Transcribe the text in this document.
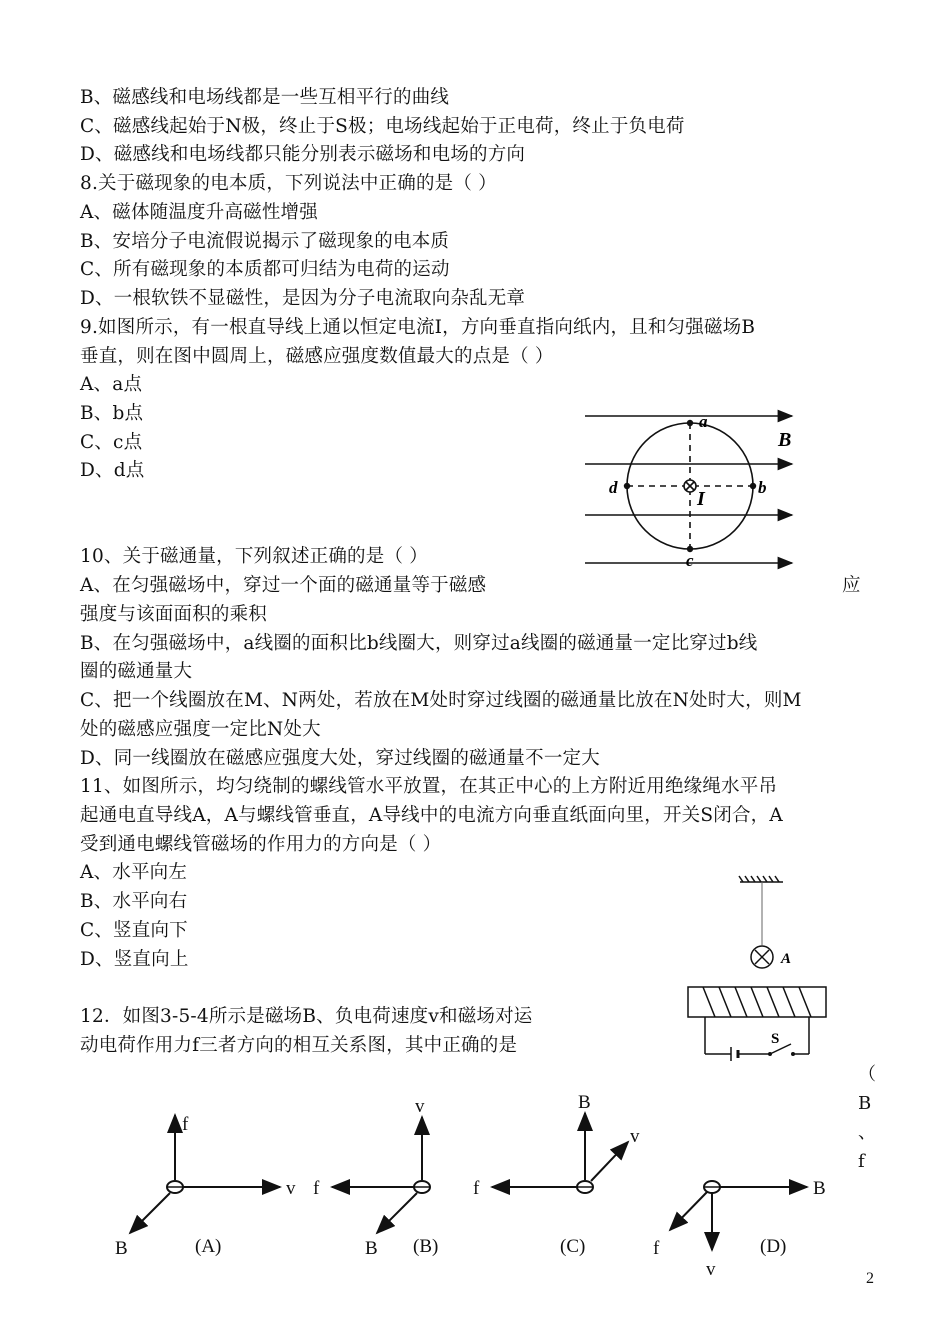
B、磁感线和电场线都是一些互相平行的曲线
C、磁感线起始于N极，终止于S极；电场线起始于正电荷，终止于负电荷
D、磁感线和电场线都只能分别表示磁场和电场的方向
8.关于磁现象的电本质，下列说法中正确的是（ ）
A、磁体随温度升高磁性增强
B、安培分子电流假说揭示了磁现象的电本质
C、所有磁现象的本质都可归结为电荷的运动
D、一根软铁不显磁性，是因为分子电流取向杂乱无章
9.如图所示，有一根直导线上通以恒定电流I，方向垂直指向纸内，且和匀强磁场B
垂直，则在图中圆周上，磁感应强度数值最大的点是（ ）
A、a点
B、b点
C、c点
D、d点
10、关于磁通量，下列叙述正确的是（ ）
A、在匀强磁场中，穿过一个面的磁通量等于磁感	应
强度与该面面积的乘积
B、在匀强磁场中，a线圈的面积比b线圈大，则穿过a线圈的磁通量一定比穿过b线
圈的磁通量大
C、把一个线圈放在M、N两处，若放在M处时穿过线圈的磁通量比放在N处时大，则M
处的磁感应强度一定比N处大
D、同一线圈放在磁感应强度大处，穿过线圈的磁通量不一定大
11、如图所示，均匀绕制的螺线管水平放置，在其正中心的上方附近用绝缘绳水平吊
起通电直导线A，A与螺线管垂直，A导线中的电流方向垂直纸面向里，开关S闭合，A
受到通电螺线管磁场的作用力的方向是（ ）
A、水平向左
B、水平向右
C、竖直向下
D、竖直向上
12．如图3-5-4所示是磁场B、负电荷速度v和磁场对运
动电荷作用力f三者方向的相互关系图，其中正确的是
（
B
、
f
a
b
c
d
I
B
A
S
f
v
B	(A)
v
f
B (B)
B
f
v
(C)
B
v
f	(D)
2
